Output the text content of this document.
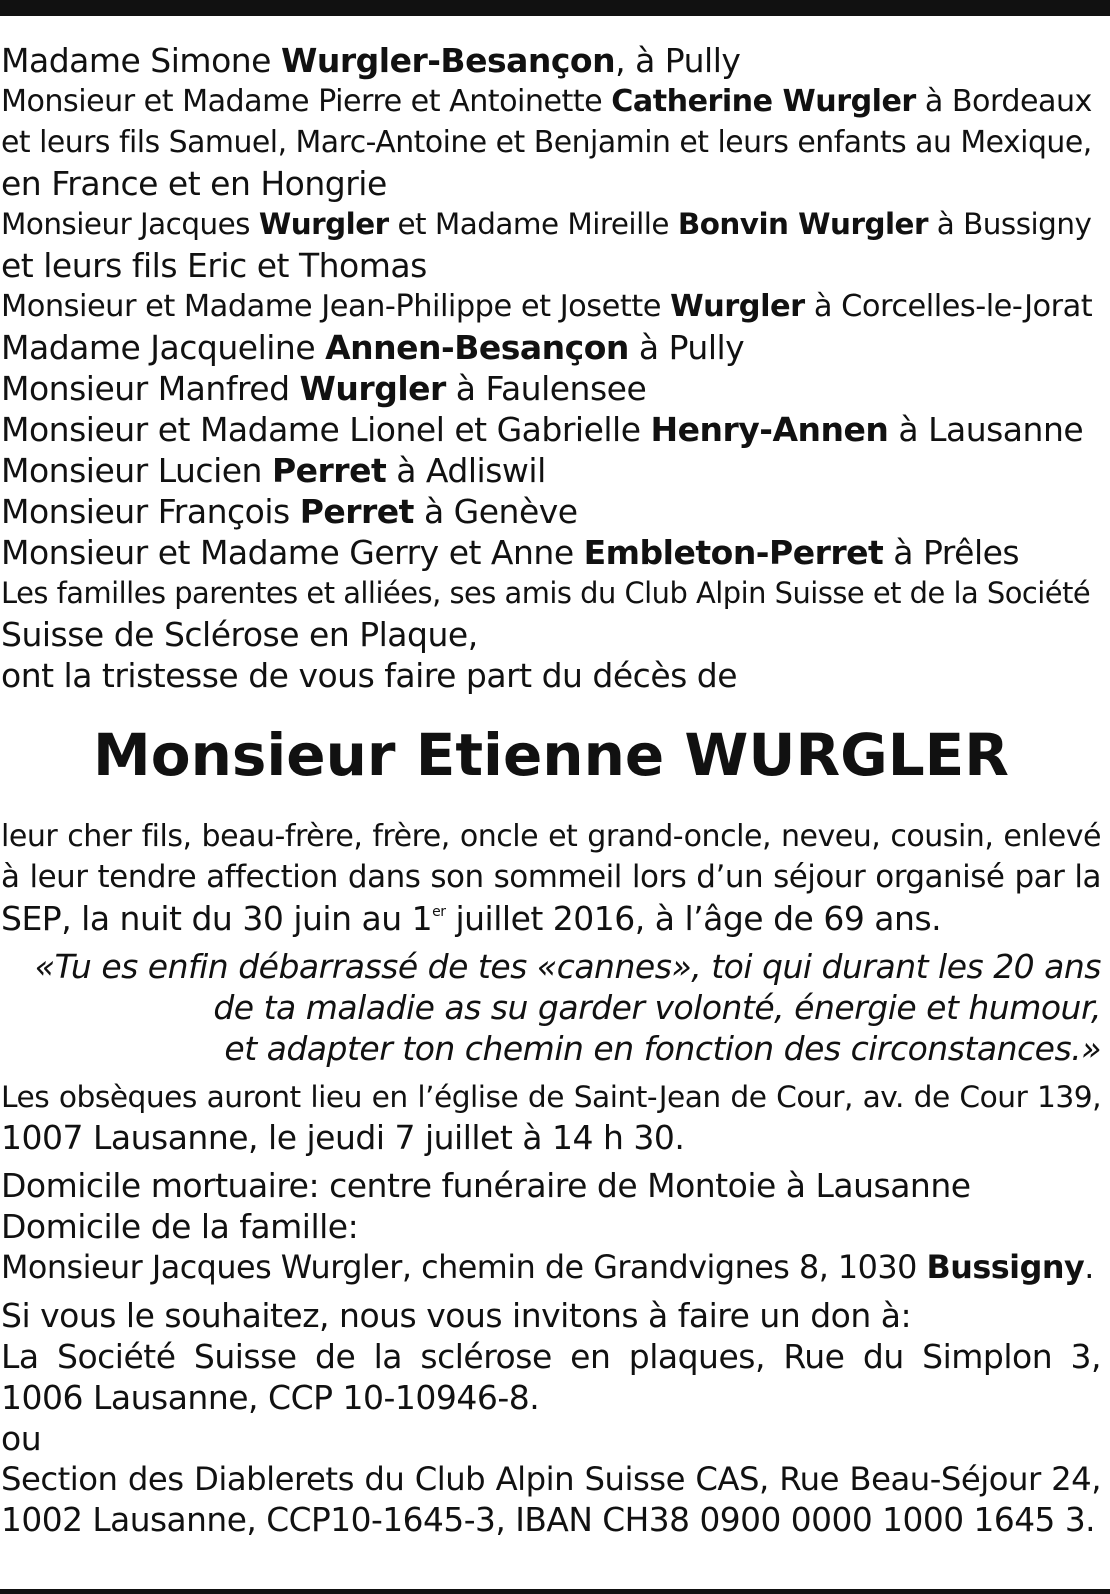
Madame Simone Wurgler-Besançon, à Pully
Monsieur et Madame Pierre et Antoinette Catherine Wurgler à Bordeaux
et leurs fils Samuel, Marc-Antoine et Benjamin et leurs enfants au Mexique,
en France et en Hongrie
Monsieur Jacques Wurgler et Madame Mireille Bonvin Wurgler à Bussigny
et leurs fils Eric et Thomas
Monsieur et Madame Jean-Philippe et Josette Wurgler à Corcelles-le-Jorat
Madame Jacqueline Annen-Besançon à Pully
Monsieur Manfred Wurgler à Faulensee
Monsieur et Madame Lionel et Gabrielle Henry-Annen à Lausanne
Monsieur Lucien Perret à Adliswil
Monsieur François Perret à Genève
Monsieur et Madame Gerry et Anne Embleton-Perret à Prêles
Les familles parentes et alliées, ses amis du Club Alpin Suisse et de la Société
Suisse de Sclérose en Plaque,
ont la tristesse de vous faire part du décès de
Monsieur Etienne WURGLER
leur cher fils, beau-frère, frère, oncle et grand-oncle, neveu, cousin, enlevé
à leur tendre affection dans son sommeil lors d’un séjour organisé par la
SEP, la nuit du 30 juin au 1er juillet 2016, à l’âge de 69 ans.
«Tu es enfin débarrassé de tes «cannes», toi qui durant les 20 ans
de ta maladie as su garder volonté, énergie et humour,
et adapter ton chemin en fonction des circonstances.»
Les obsèques auront lieu en l’église de Saint-Jean de Cour, av. de Cour 139,
1007 Lausanne, le jeudi 7 juillet à 14 h 30.
Domicile mortuaire: centre funéraire de Montoie à Lausanne
Domicile de la famille:
Monsieur Jacques Wurgler, chemin de Grandvignes 8, 1030 Bussigny.
Si vous le souhaitez, nous vous invitons à faire un don à:
La Société Suisse de la sclérose en plaques, Rue du Simplon 3,
1006 Lausanne, CCP 10-10946-8.
ou
Section des Diablerets du Club Alpin Suisse CAS, Rue Beau-Séjour 24,
1002 Lausanne, CCP10-1645-3, IBAN CH38 0900 0000 1000 1645 3.
